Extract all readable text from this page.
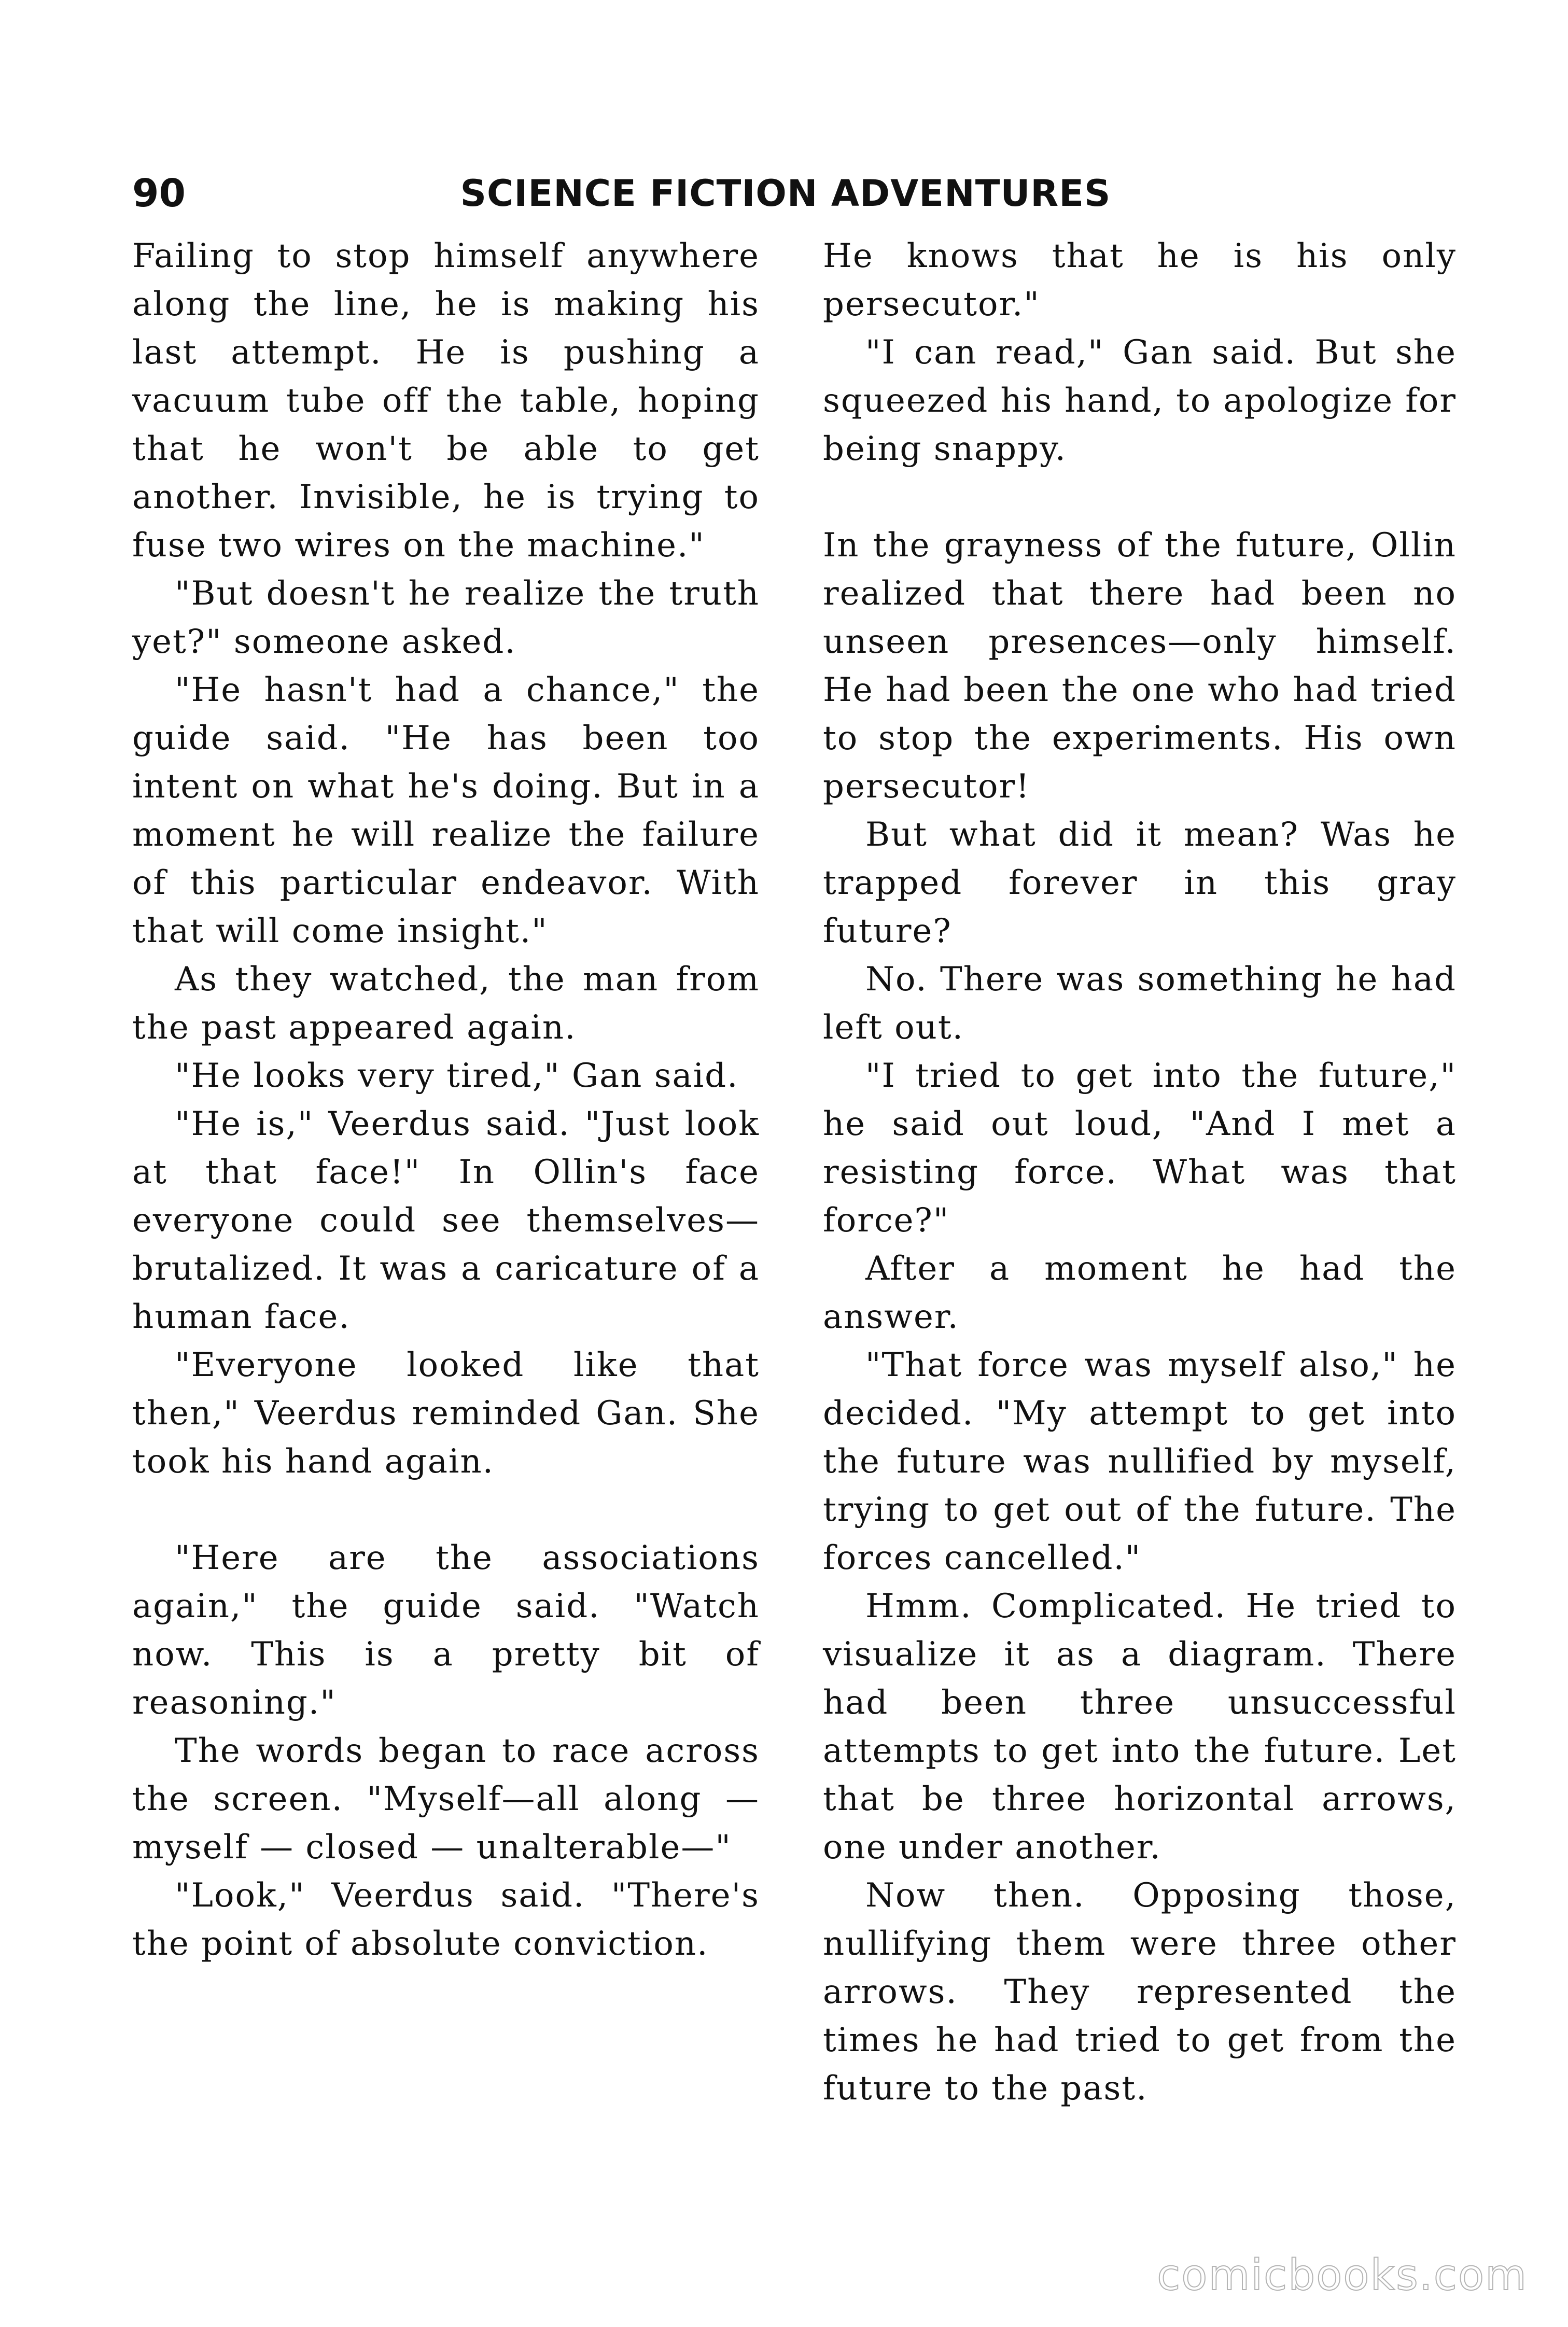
90	SCIENCE FICTION ADVENTURES

Failing to stop himself anywhere along the line, he is making his last attempt. He is pushing a vacuum tube off the table, hoping that he won't be able to get another. Invisible, he is trying to fuse two wires on the machine."

"But doesn't he realize the truth yet?" someone asked.

"He hasn't had a chance," the guide said. "He has been too intent on what he's doing. But in a moment he will realize the failure of this particular endeavor. With that will come insight."

As they watched, the man from the past appeared again.

"He looks very tired," Gan said.

"He is," Veerdus said. "Just look at that face!" In Ollin's face everyone could see themselves—brutalized. It was a caricature of a human face.

"Everyone looked like that then," Veerdus reminded Gan. She took his hand again.

"Here are the associations again," the guide said. "Watch now. This is a pretty bit of reasoning."

The words began to race across the screen. "Myself—all along — myself — closed — unalterable—"

"Look," Veerdus said. "There's the point of absolute conviction.

He knows that he is his only persecutor."

"I can read," Gan said. But she squeezed his hand, to apologize for being snappy.

In the grayness of the future, Ollin realized that there had been no unseen presences—only himself. He had been the one who had tried to stop the experiments. His own persecutor!

But what did it mean? Was he trapped forever in this gray future?

No. There was something he had left out.

"I tried to get into the future," he said out loud, "And I met a resisting force. What was that force?"

After a moment he had the answer.

"That force was myself also," he decided. "My attempt to get into the future was nullified by myself, trying to get out of the future. The forces cancelled."

Hmm. Complicated. He tried to visualize it as a diagram. There had been three unsuccessful attempts to get into the future. Let that be three horizontal arrows, one under another.

Now then. Opposing those, nullifying them were three other arrows. They represented the times he had tried to get from the future to the past.

comicbooks.com
